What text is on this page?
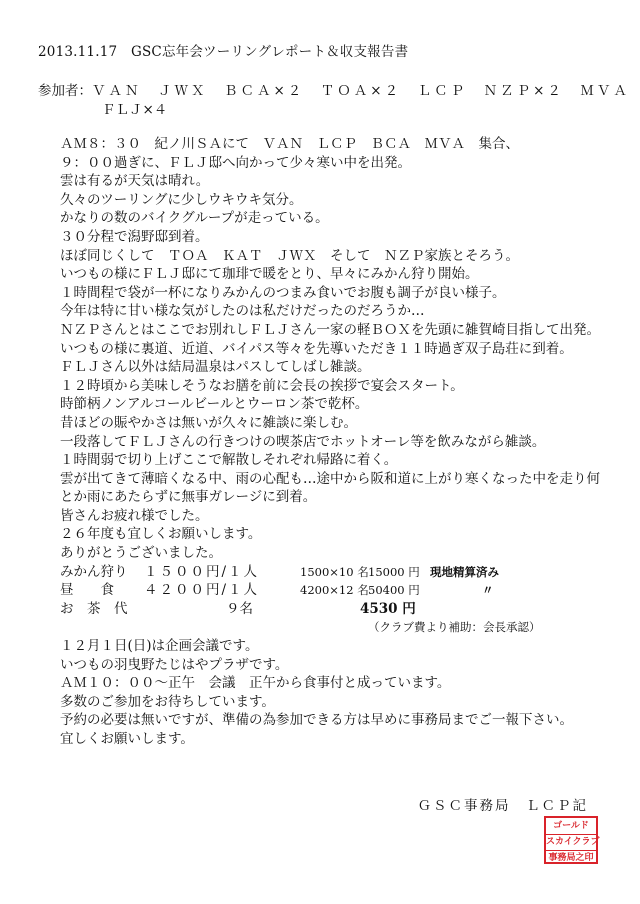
2013.11.17　GSC忘年会ツーリングレポート＆収支報告書
参加者：ＶＡＮ　ＪＷＸ　ＢＣＡ×２　ＴＯＡ×２　ＬＣＰ　ＮＺＰ×２　ＭＶＡ
ＦＬＪ×４
ＡＭ８：３０　紀ノ川ＳＡにて　ＶＡＮ　ＬＣＰ　ＢＣＡ　ＭＶＡ　集合、
９：００過ぎに、ＦＬＪ邸へ向かって少々寒い中を出発。
雲は有るが天気は晴れ。
久々のツーリングに少しウキウキ気分。
かなりの数のバイクグループが走っている。
３０分程で潟野邸到着。
ほぼ同じくして　ＴＯＡ　ＫＡＴ　ＪＷＸ　そして　ＮＺＰ家族とそろう。
いつもの様にＦＬＪ邸にて珈琲で暖をとり、早々にみかん狩り開始。
１時間程で袋が一杯になりみかんのつまみ食いでお腹も調子が良い様子。
今年は特に甘い様な気がしたのは私だけだったのだろうか…
ＮＺＰさんとはここでお別れしＦＬＪさん一家の軽ＢＯＸを先頭に雑賀崎目指して出発。
いつもの様に裏道、近道、バイパス等々を先導いただき１１時過ぎ双子島荘に到着。
ＦＬＪさん以外は結局温泉はパスしてしばし雑談。
１２時頃から美味しそうなお膳を前に会長の挨拶で宴会スタート。
時節柄ノンアルコールビールとウーロン茶で乾杯。
昔ほどの賑やかさは無いが久々に雑談に楽しむ。
一段落してＦＬＪさんの行きつけの喫茶店でホットオーレ等を飲みながら雑談。
１時間弱で切り上げここで解散しそれぞれ帰路に着く。
雲が出てきて薄暗くなる中、雨の心配も…途中から阪和道に上がり寒くなった中を走り何とか雨にあたらずに無事ガレージに到着。
皆さんお疲れ様でした。
２６年度も宜しくお願いします。
ありがとうございました。
みかん狩り １５００円/１人	1500×10 名 15000 円 現地精算済み
昼　　食 ４２００円/１人	4200×12 名 50400 円	〃
お　茶　代	９名	4530 円
（クラブ費より補助：会長承認）
１２月１日(日)は企画会議です。
いつもの羽曳野たじはやプラザです。
ＡＭ１０：００～正午　会議　正午から食事付と成っています。
多数のご参加をお待ちしています。
予約の必要は無いですが、準備の為参加できる方は早めに事務局までご一報下さい。
宜しくお願いします。
ＧＳＣ事務局　ＬＣＰ記
ゴールド
スカイクラブ
事務局之印
